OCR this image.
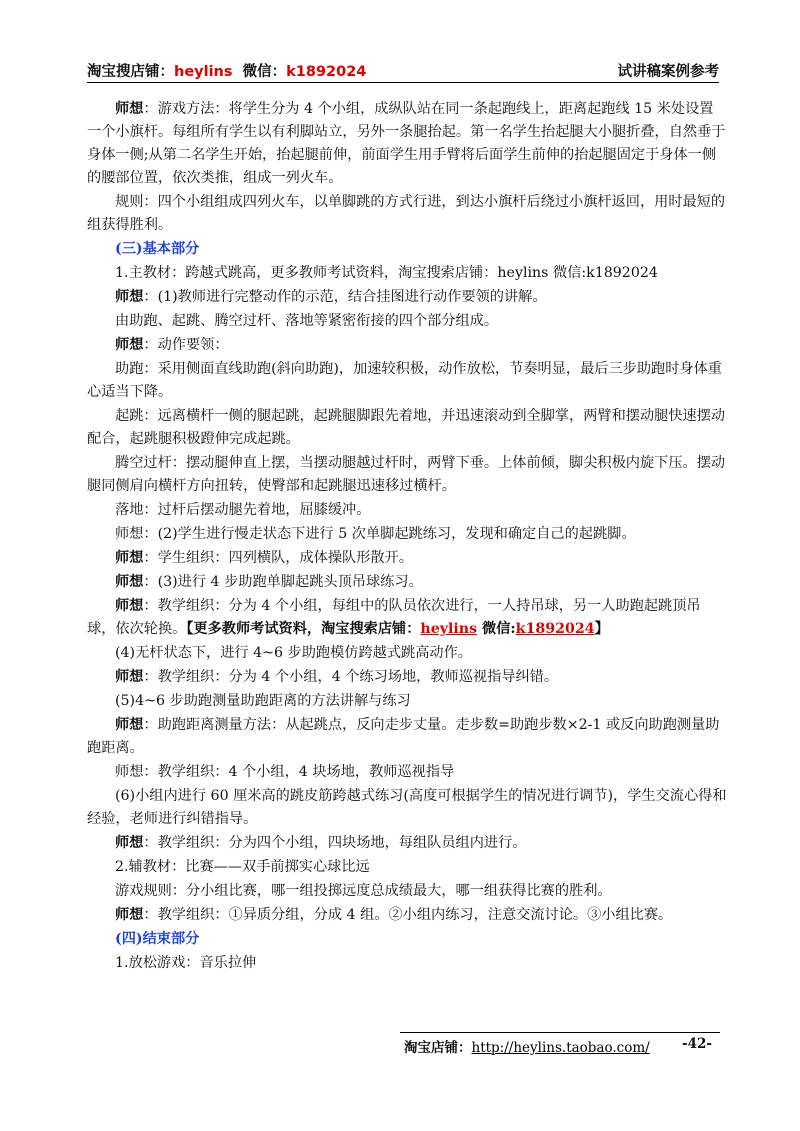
淘宝搜店铺：heylins  微信：k1892024	试讲稿案例参考
师想：游戏方法：将学生分为 4 个小组，成纵队站在同一条起跑线上，距离起跑线 15 米处设置一个小旗杆。每组所有学生以有利脚站立，另外一条腿抬起。第一名学生抬起腿大小腿折叠，自然垂于身体一侧;从第二名学生开始，抬起腿前伸，前面学生用手臂将后面学生前伸的抬起腿固定于身体一侧的腰部位置，依次类推，组成一列火车。
规则：四个小组组成四列火车，以单脚跳的方式行进，到达小旗杆后绕过小旗杆返回，用时最短的组获得胜利。
(三)基本部分
1.主教材：跨越式跳高，更多教师考试资料，淘宝搜索店铺：heylins 微信:k1892024
师想：(1)教师进行完整动作的示范，结合挂图进行动作要领的讲解。
由助跑、起跳、腾空过杆、落地等紧密衔接的四个部分组成。
师想：动作要领：
助跑：采用侧面直线助跑(斜向助跑)，加速较积极，动作放松，节奏明显，最后三步助跑时身体重心适当下降。
起跳：远离横杆一侧的腿起跳，起跳腿脚跟先着地，并迅速滚动到全脚掌，两臂和摆动腿快速摆动配合，起跳腿积极蹬伸完成起跳。
腾空过杆：摆动腿伸直上摆，当摆动腿越过杆时，两臂下垂。上体前倾，脚尖积极内旋下压。摆动腿同侧肩向横杆方向扭转，使臀部和起跳腿迅速移过横杆。
落地：过杆后摆动腿先着地，屈膝缓冲。
师想：(2)学生进行慢走状态下进行 5 次单脚起跳练习，发现和确定自己的起跳脚。
师想：学生组织：四列横队，成体操队形散开。
师想：(3)进行 4 步助跑单脚起跳头顶吊球练习。
师想：教学组织：分为 4 个小组，每组中的队员依次进行，一人持吊球，另一人助跑起跳顶吊球，依次轮换。【更多教师考试资料，淘宝搜索店铺：heylins 微信:k1892024】
(4)无杆状态下，进行 4~6 步助跑模仿跨越式跳高动作。
师想：教学组织：分为 4 个小组，4 个练习场地，教师巡视指导纠错。
(5)4~6 步助跑测量助跑距离的方法讲解与练习
师想：助跑距离测量方法：从起跳点，反向走步丈量。走步数=助跑步数×2-1 或反向助跑测量助跑距离。
师想：教学组织：4 个小组，4 块场地，教师巡视指导
(6)小组内进行 60 厘米高的跳皮筋跨越式练习(高度可根据学生的情况进行调节)，学生交流心得和经验，老师进行纠错指导。
师想：教学组织：分为四个小组，四块场地，每组队员组内进行。
2.辅教材：比赛——双手前掷实心球比远
游戏规则：分小组比赛，哪一组投掷远度总成绩最大，哪一组获得比赛的胜利。
师想：教学组织：①异质分组，分成 4 组。②小组内练习，注意交流讨论。③小组比赛。
(四)结束部分
1.放松游戏：音乐拉伸
淘宝店铺：http://heylins.taobao.com/ -42-
